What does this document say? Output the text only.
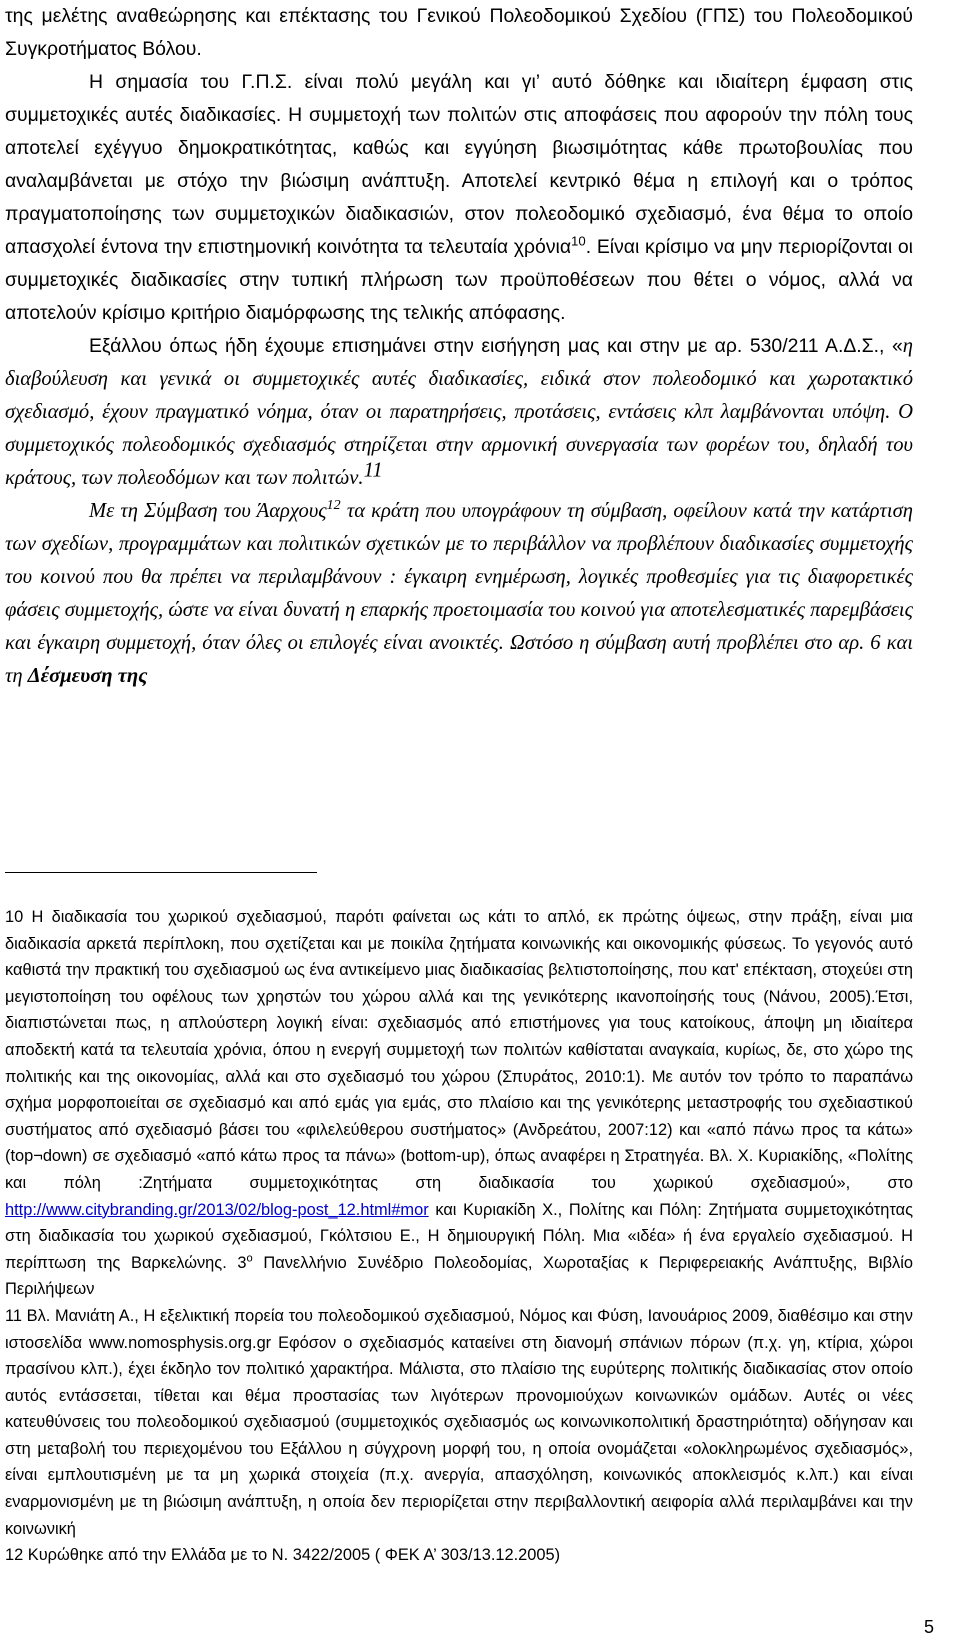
της μελέτης αναθεώρησης και επέκτασης του Γενικού Πολεοδομικού Σχεδίου (ΓΠΣ) του Πολεοδομικού Συγκροτήματος Βόλου.

Η σημασία του Γ.Π.Σ. είναι πολύ μεγάλη και γι’ αυτό δόθηκε και ιδιαίτερη έμφαση στις συμμετοχικές αυτές διαδικασίες. Η συμμετοχή των πολιτών στις αποφάσεις που αφορούν την πόλη τους αποτελεί εχέγγυο δημοκρατικότητας, καθώς και εγγύηση βιωσιμότητας κάθε πρωτοβουλίας που αναλαμβάνεται με στόχο την βιώσιμη ανάπτυξη. Αποτελεί κεντρικό θέμα η επιλογή και ο τρόπος πραγματοποίησης των συμμετοχικών διαδικασιών, στον πολεοδομικό σχεδιασμό, ένα θέμα το οποίο απασχολεί έντονα την επιστημονική κοινότητα τα τελευταία χρόνια$^{10}$. Είναι κρίσιμο να μην περιορίζονται οι συμμετοχικές διαδικασίες στην τυπική πλήρωση των προϋποθέσεων που θέτει ο νόμος, αλλά να αποτελούν κρίσιμο κριτήριο διαμόρφωσης της τελικής απόφασης.

Εξάλλου όπως ήδη έχουμε επισημάνει στην εισήγηση μας και στην με αρ. 530/211 Α.Δ.Σ., «η διαβούλευση και γενικά οι συμμετοχικές αυτές διαδικασίες, ειδικά στον πολεοδομικό και χωροτακτικό σχεδιασμό, έχουν πραγματικό νόημα, όταν οι παρατηρήσεις, προτάσεις, εντάσεις κλπ λαμβάνονται υπόψη. Ο συμμετοχικός πολεοδομικός σχεδιασμός στηρίζεται στην αρμονική συνεργασία των φορέων του, δηλαδή του κράτους, των πολεοδόμων και των πολιτών.$^{11}$

Με τη Σύμβαση του Άαρχους$^{12}$ τα κράτη που υπογράφουν τη σύμβαση, οφείλουν κατά την κατάρτιση των σχεδίων, προγραμμάτων και πολιτικών σχετικών με το περιβάλλον να προβλέπουν διαδικασίες συμμετοχής του κοινού που θα πρέπει να περιλαμβάνουν : έγκαιρη ενημέρωση, λογικές προθεσμίες για τις διαφορετικές φάσεις συμμετοχής, ώστε να είναι δυνατή η επαρκής προετοιμασία του κοινού για αποτελεσματικές παρεμβάσεις και έγκαιρη συμμετοχή, όταν όλες οι επιλογές είναι ανοικτές. Ωστόσο η σύμβαση αυτή προβλέπει στο αρ. 6 και τη Δέσμευση της

10 Η διαδικασία του χωρικού σχεδιασμού, παρότι φαίνεται ως κάτι το απλό, εκ πρώτης όψεως, στην πράξη, είναι μια διαδικασία αρκετά περίπλοκη, που σχετίζεται και με ποικίλα ζητήματα κοινωνικής και οικονομικής φύσεως. Το γεγονός αυτό καθιστά την πρακτική του σχεδιασμού ως ένα αντικείμενο μιας διαδικασίας βελτιστοποίησης, που κατ' επέκταση, στοχεύει στη μεγιστοποίηση του οφέλους των χρηστών του χώρου αλλά και της γενικότερης ικανοποίησής τους (Νάνου, 2005).Έτσι, διαπιστώνεται πως, η απλούστερη λογική είναι: σχεδιασμός από επιστήμονες για τους κατοίκους, άποψη μη ιδιαίτερα αποδεκτή κατά τα τελευταία χρόνια, όπου η ενεργή συμμετοχή των πολιτών καθίσταται αναγκαία, κυρίως, δε, στο χώρο της πολιτικής και της οικονομίας, αλλά και στο σχεδιασμό του χώρου (Σπυράτος, 2010:1). Με αυτόν τον τρόπο το παραπάνω σχήμα μορφοποιείται σε σχεδιασμό και από εμάς για εμάς, στο πλαίσιο και της γενικότερης μεταστροφής του σχεδιαστικού συστήματος από σχεδιασμό βάσει του «φιλελεύθερου συστήματος» (Ανδρεάτου, 2007:12) και «από πάνω προς τα κάτω» (top¬down) σε σχεδιασμό «από κάτω προς τα πάνω» (bottom-up), όπως αναφέρει η Στρατηγέα. Βλ. Χ. Κυριακίδης, «Πολίτης και πόλη :Ζητήματα συμμετοχικότητας στη διαδικασία του χωρικού σχεδιασμού», στο http://www.citybranding.gr/2013/02/blog-post_12.html#mor και Κυριακίδη Χ., Πολίτης και Πόλη: Ζητήματα συμμετοχικότητας στη διαδικασία του χωρικού σχεδιασμού, Γκόλτσιου Ε., Η δημιουργική Πόλη. Μια «ιδέα» ή ένα εργαλείο σχεδιασμού. Η περίπτωση της Βαρκελώνης. $3^o$ Πανελλήνιο Συνέδριο Πολεοδομίας, Χωροταξίας κ Περιφερειακής Ανάπτυξης, Βιβλίο Περιλήψεων

11 Βλ. Μανιάτη Α., Η εξελικτική πορεία του πολεοδομικού σχεδιασμού, Νόμος και Φύση, Ιανουάριος 2009, διαθέσιμο και στην ιστοσελίδα www.nomosphysis.org.gr Εφόσον ο σχεδιασμός καταείνει στη διανομή σπάνιων πόρων (π.χ. γη, κτίρια, χώροι πρασίνου κλπ.), έχει έκδηλο τον πολιτικό χαρακτήρα. Μάλιστα, στο πλαίσιο της ευρύτερης πολιτικής διαδικασίας στον οποίο αυτός εντάσσεται, τίθεται και θέμα προστασίας των λιγότερων προνομιούχων κοινωνικών ομάδων. Αυτές οι νέες κατευθύνσεις του πολεοδομικού σχεδιασμού (συμμετοχικός σχεδιασμός ως κοινωνικοπολιτική δραστηριότητα) οδήγησαν και στη μεταβολή του περιεχομένου του Εξάλλου η σύγχρονη μορφή του, η οποία ονομάζεται «ολοκληρωμένος σχεδιασμός», είναι εμπλουτισμένη με τα μη χωρικά στοιχεία (π.χ. ανεργία, απασχόληση, κοινωνικός αποκλεισμός κ.λπ.) και είναι εναρμονισμένη με τη βιώσιμη ανάπτυξη, η οποία δεν περιορίζεται στην περιβαλλοντική αειφορία αλλά περιλαμβάνει και την κοινωνική

12 Κυρώθηκε από την Ελλάδα με το Ν. 3422/2005 ( ΦΕΚ Α’ 303/13.12.2005)

5
